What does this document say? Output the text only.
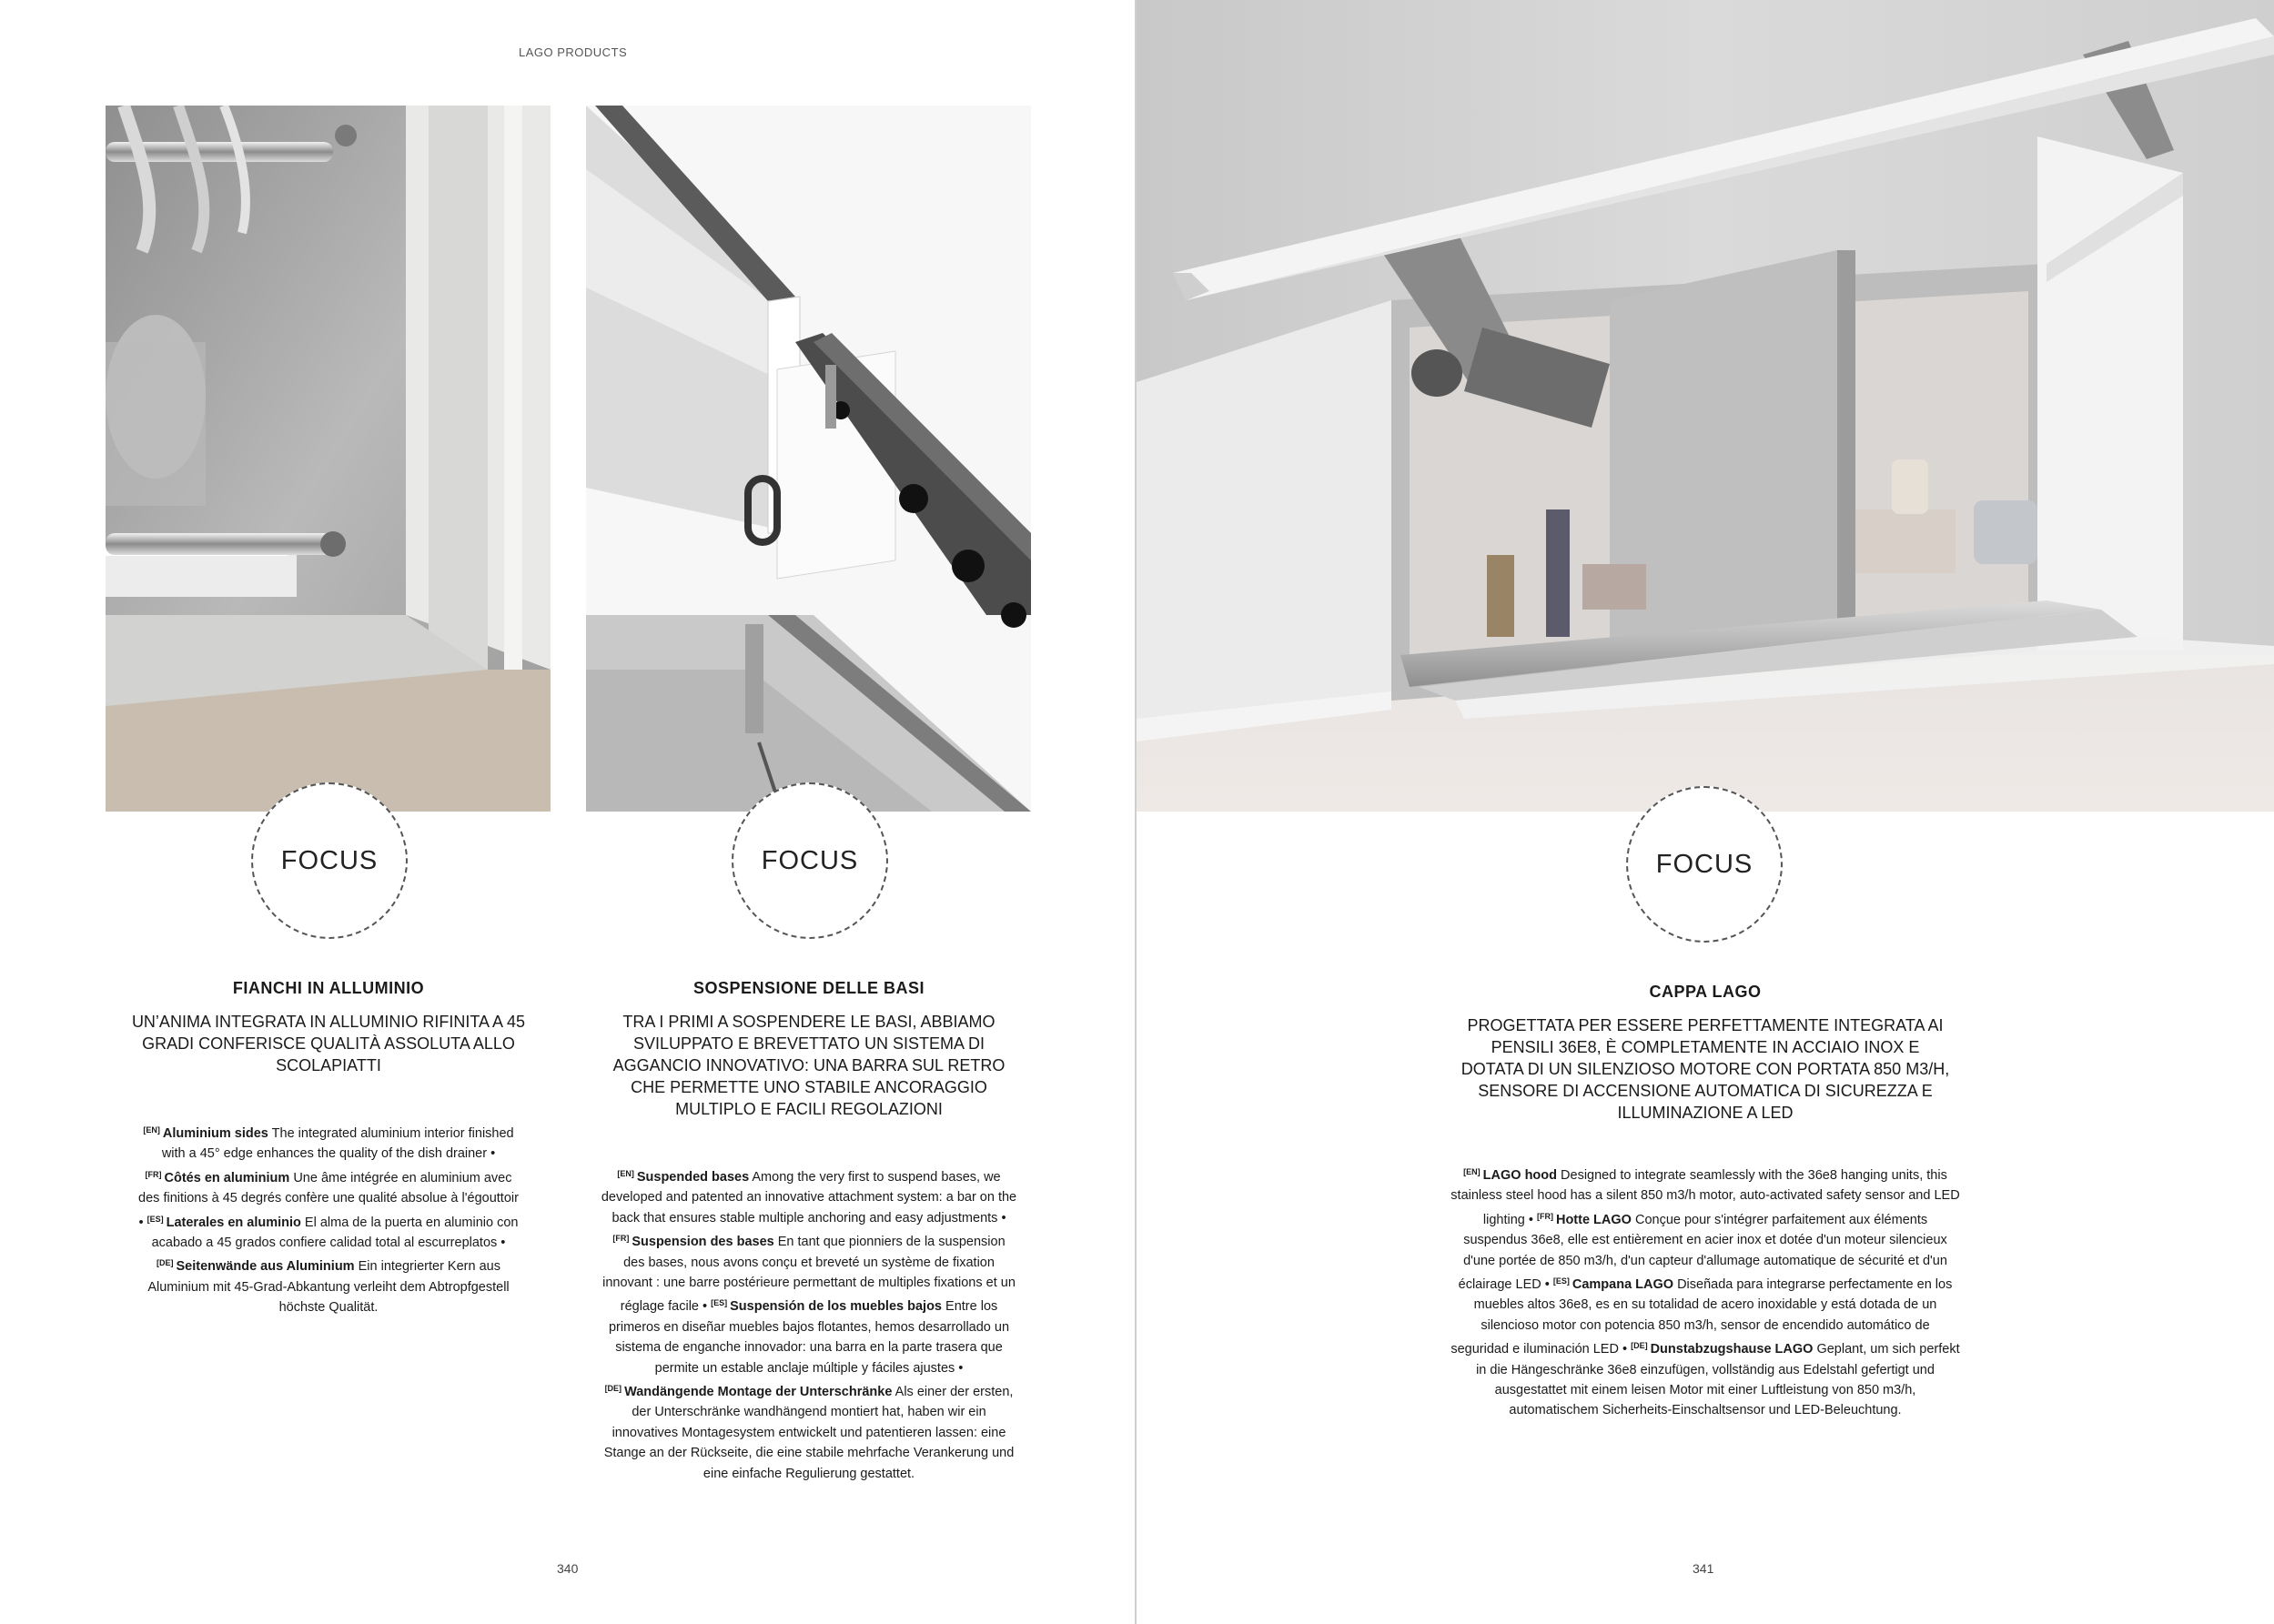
LAGO PRODUCTS
FOCUS	FOCUS

FIANCHI IN ALLUMINIO

UN’ANIMA INTEGRATA IN ALLUMINIO RIFINITA A 45 GRADI CONFERISCE QUALITÀ ASSOLUTA ALLO SCOLAPIATTI

[EN] Aluminium sides The integrated aluminium interior finished with a 45° edge enhances the quality of the dish drainer • [FR] Côtés en aluminium Une âme intégrée en aluminium avec des finitions à 45 degrés confère une qualité absolue à l'égouttoir • [ES] Laterales en aluminio El alma de la puerta en aluminio con acabado a 45 grados confiere calidad total al escurreplatos • [DE] Seitenwände aus Aluminium Ein integrierter Kern aus Aluminium mit 45-Grad-Abkantung verleiht dem Abtropfgestell höchste Qualität.

SOSPENSIONE DELLE BASI

TRA I PRIMI A SOSPENDERE LE BASI, ABBIAMO SVILUPPATO E BREVETTATO UN SISTEMA DI AGGANCIO INNOVATIVO: UNA BARRA SUL RETRO CHE PERMETTE UNO STABILE ANCORAGGIO MULTIPLO E FACILI REGOLAZIONI

[EN] Suspended bases Among the very first to suspend bases, we developed and patented an innovative attachment system: a bar on the back that ensures stable multiple anchoring and easy adjustments • [FR] Suspension des bases En tant que pionniers de la suspension des bases, nous avons conçu et breveté un système de fixation innovant : une barre postérieure permettant de multiples fixations et un réglage facile • [ES] Suspensión de los muebles bajos Entre los primeros en diseñar muebles bajos flotantes, hemos desarrollado un sistema de enganche innovador: una barra en la parte trasera que permite un estable anclaje múltiple y fáciles ajustes • [DE] Wandängende Montage der Unterschränke Als einer der ersten, der Unterschränke wandhängend montiert hat, haben wir ein innovatives Montagesystem entwickelt und patentieren lassen: eine Stange an der Rückseite, die eine stabile mehrfache Verankerung und eine einfache Regulierung gestattet.

340
FOCUS

CAPPA LAGO

PROGETTATA PER ESSERE PERFETTAMENTE INTEGRATA AI PENSILI 36E8, È COMPLETAMENTE IN ACCIAIO INOX E DOTATA DI UN SILENZIOSO MOTORE CON PORTATA 850 M3/H, SENSORE DI ACCENSIONE AUTOMATICA DI SICUREZZA E ILLUMINAZIONE A LED

[EN] LAGO hood Designed to integrate seamlessly with the 36e8 hanging units, this stainless steel hood has a silent 850 m3/h motor, auto-activated safety sensor and LED lighting • [FR] Hotte LAGO Conçue pour s'intégrer parfaitement aux éléments suspendus 36e8, elle est entièrement en acier inox et dotée d'un moteur silencieux d'une portée de 850 m3/h, d'un capteur d'allumage automatique de sécurité et d'un éclairage LED • [ES] Campana LAGO Diseñada para integrarse perfectamente en los muebles altos 36e8, es en su totalidad de acero inoxidable y está dotada de un silencioso motor con potencia 850 m3/h, sensor de encendido automático de seguridad e iluminación LED • [DE] Dunstabzugshause LAGO Geplant, um sich perfekt in die Hängeschränke 36e8 einzufügen, vollständig aus Edelstahl gefertigt und ausgestattet mit einem leisen Motor mit einer Luftleistung von 850 m3/h, automatischem Sicherheits-Einschaltsensor und LED-Beleuchtung.

341
